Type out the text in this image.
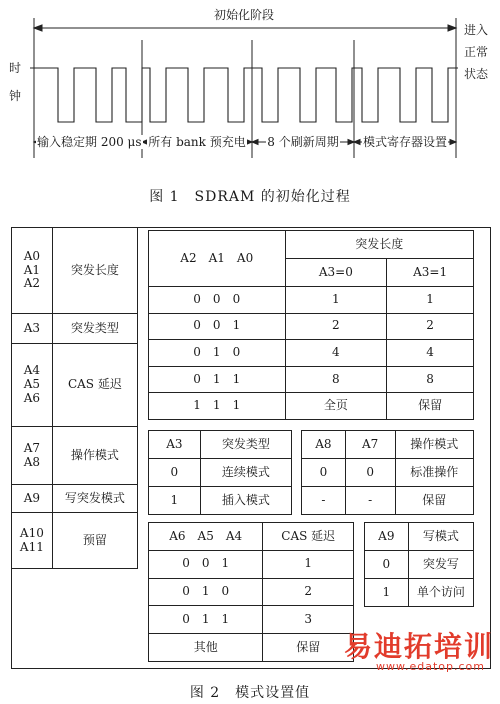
初始化阶段
时
钟
进入
正常
状态
输入稳定期 200 μs 所有 bank 预充电	8 个刷新周期	模式寄存器设置
图 1　SDRAM 的初始化过程
A0
A1
A2	突发长度
A3	突发类型

A4
A5
A6	CAS 延迟

A7
A8	操作模式
A9	写突发模式

A10
A11	预留
A2　A1　A0	突发长度	
	A3=0	A3=1
0　0　0	1	1
0　0　1	2	2
0　1　0	4	4
0　1　1	8	8
1　1　1	全页	保留
A3	突发类型
0	连续模式
1	插入模式
A8	A7	操作模式
0	0	标准操作
-	-	保留
A6　A5　A4	CAS 延迟
0　0　1	1
0　1　0	2
0　1　1	3
其他	保留
A9	写模式
0	突发写
1	单个访问
易迪拓培训
www.edatop.com
图 2　模式设置值
